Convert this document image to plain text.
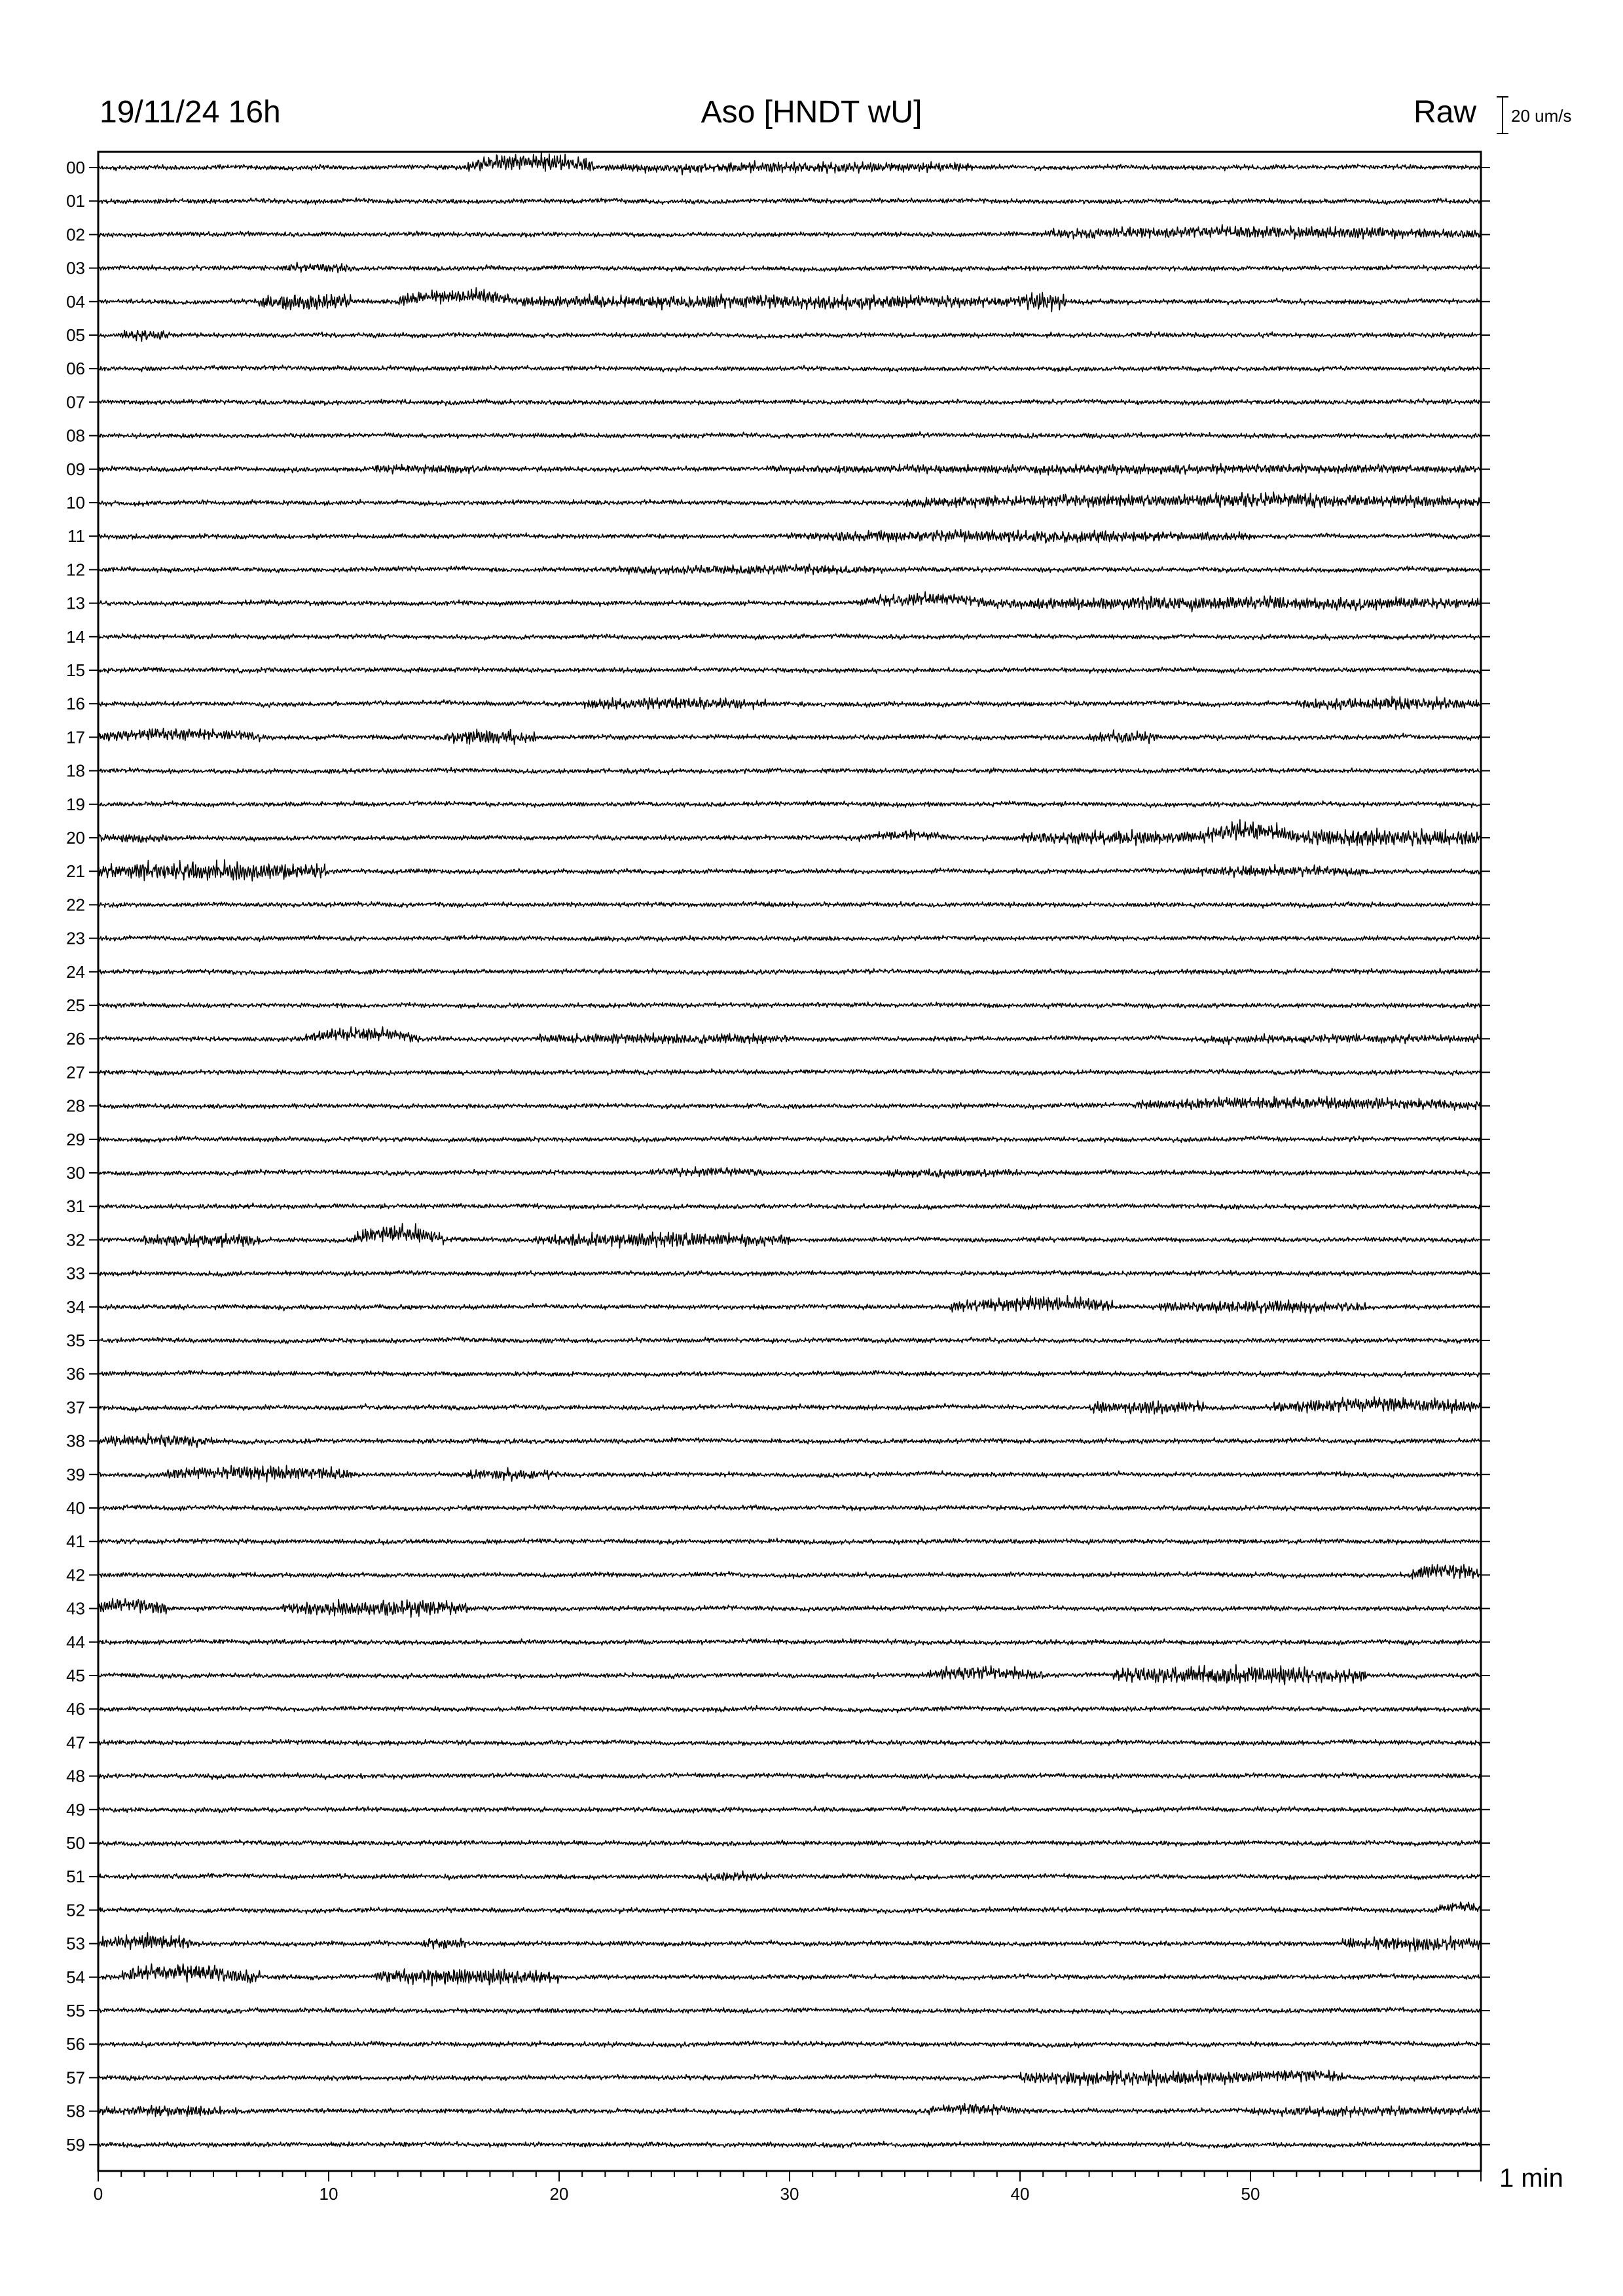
19/11/24 16h	Aso [HNDT wU]	Raw 20 um/s
1 min
00
01
02
03
04
05
06
07
08
09
10
11
12
13
14
15
16
17
18
19
20
21
22
23
24
25
26
27
28
29
30
31
32
33
34
35
36
37
38
39
40
41
42
43
44
45
46
47
48
49
50
51
52
53
54
55
56
57
58
59
0	10	20	30	40	50
